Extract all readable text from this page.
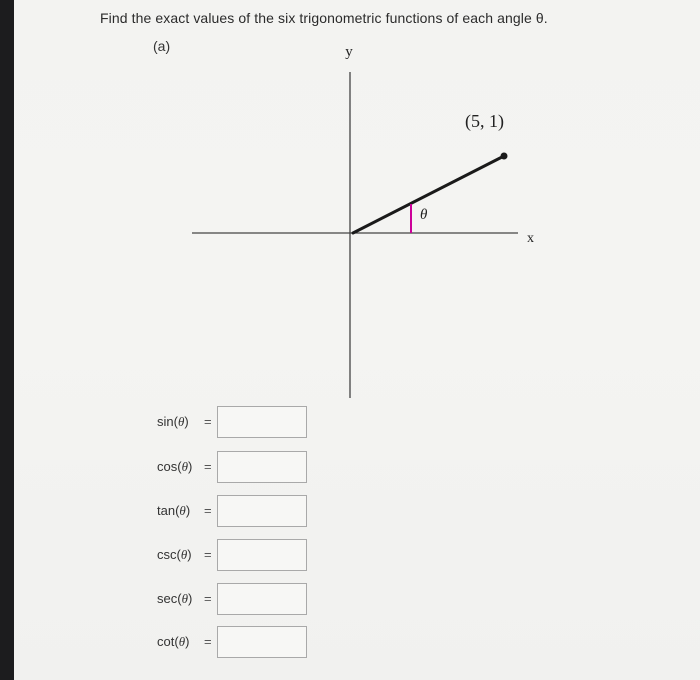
Find the exact values of the six trigonometric functions of each angle θ.
(a)	y
x
(5, 1)
θ
sin(θ) =
cos(θ) =
tan(θ) =
csc(θ) =
sec(θ) =
cot(θ) =
